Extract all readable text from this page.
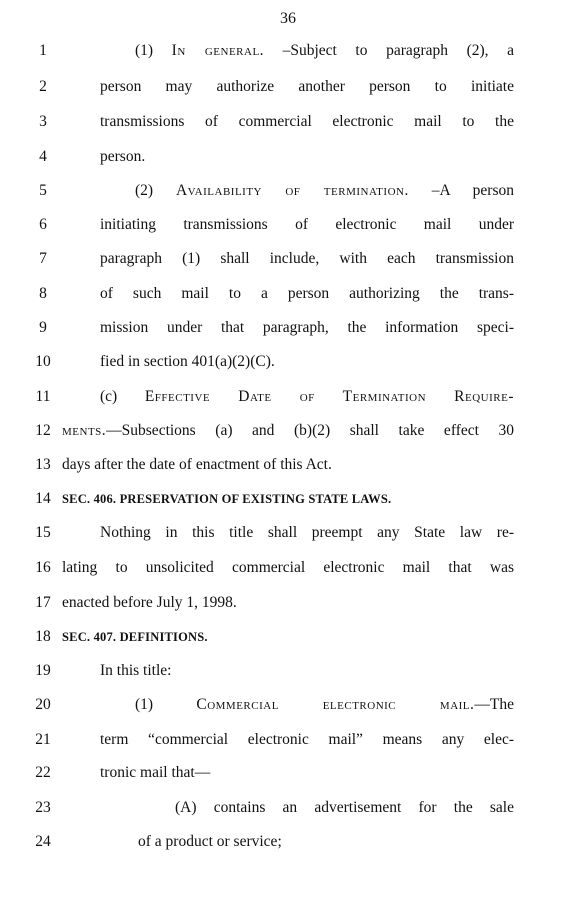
36
1	(1) In general. –Subject to paragraph (2), a
2	person may authorize another person to initiate
3	transmissions of commercial electronic mail to the
4	person.
5	(2) Availability of termination. –A person
6	initiating transmissions of electronic mail under
7	paragraph (1) shall include, with each transmission
8	of such mail to a person authorizing the trans-
9	mission under that paragraph, the information speci-
10	fied in section 401(a)(2)(C).
11	(c) Effective Date of Termination Require-
12 ments.—Subsections (a) and (b)(2) shall take effect 30
13 days after the date of enactment of this Act.
14 SEC. 406. PRESERVATION OF EXISTING STATE LAWS.
15	Nothing in this title shall preempt any State law re-
16 lating to unsolicited commercial electronic mail that was
17 enacted before July 1, 1998.
18 SEC. 407. DEFINITIONS.
19	In this title:
20	(1) Commercial electronic mail.—The
21	term “commercial electronic mail” means any elec-
22	tronic mail that—
23	(A) contains an advertisement for the sale
24	of a product or service;
